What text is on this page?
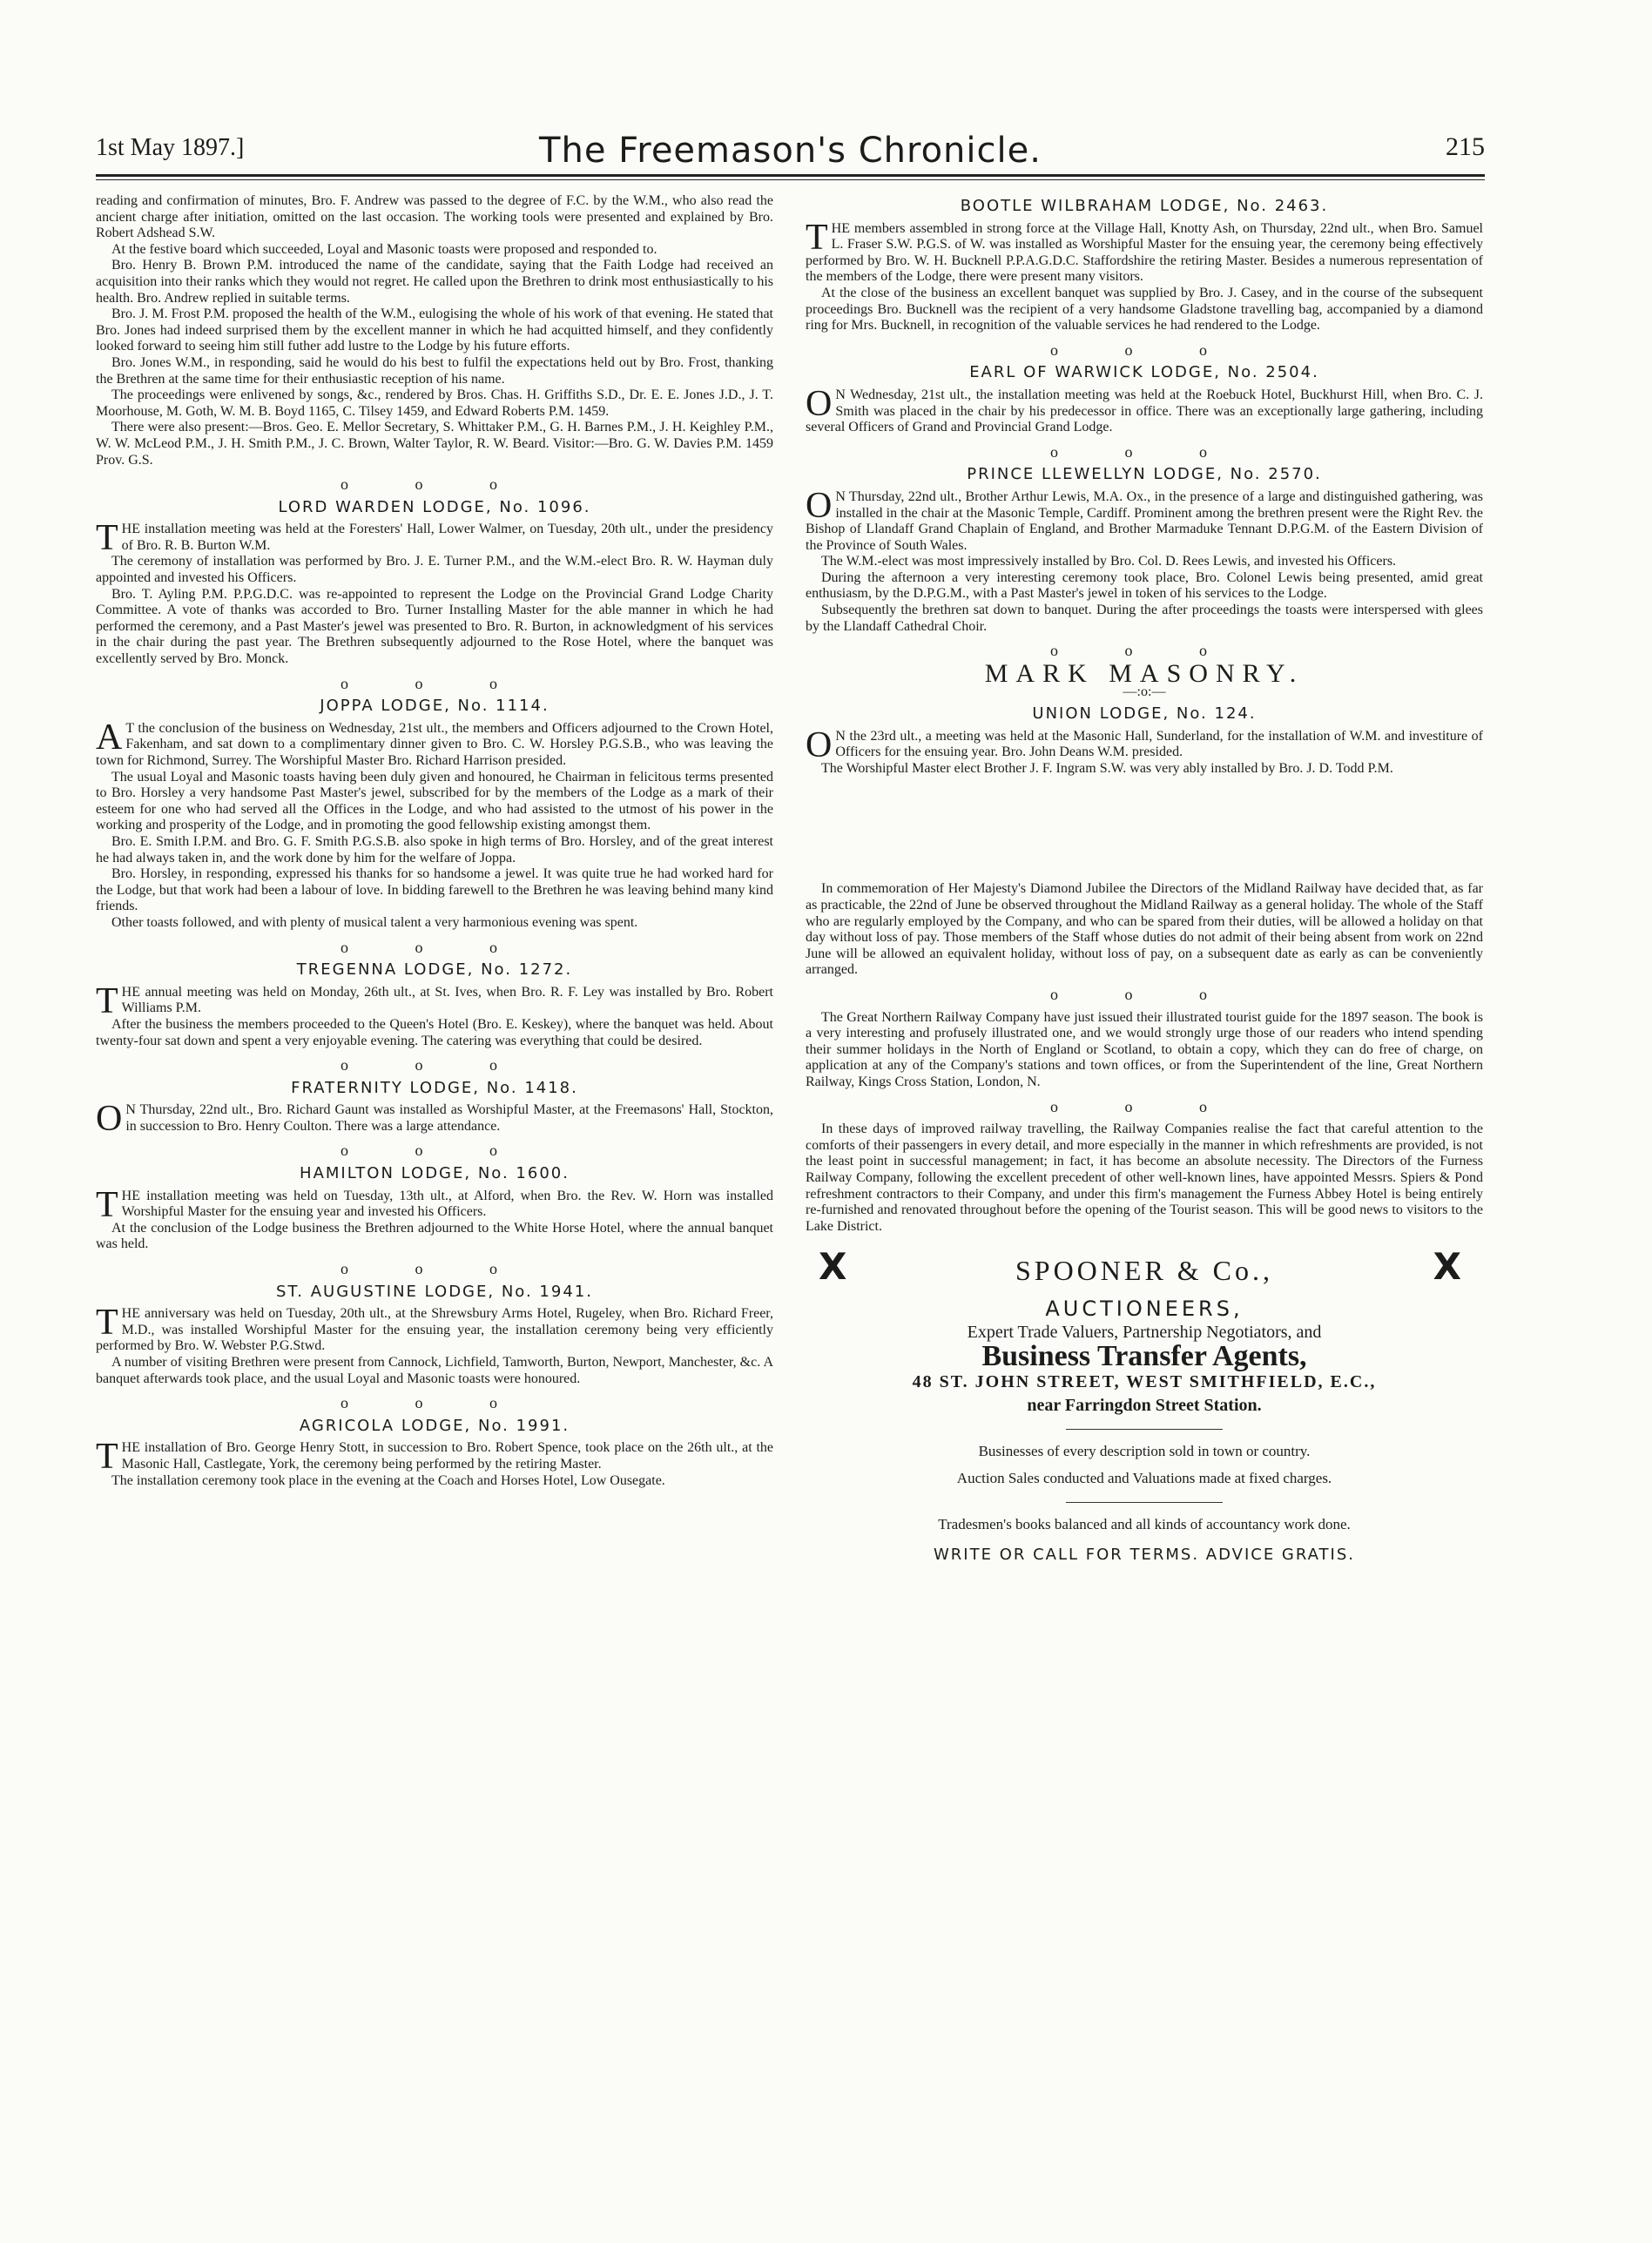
1st May 1897.]	The Freemason's Chronicle.	215

reading and confirmation of minutes, Bro. F. Andrew was passed to the degree of F.C. by the W.M., who also read the ancient charge after initiation, omitted on the last occasion. The working tools were presented and explained by Bro. Robert Adshead S.W.

At the festive board which succeeded, Loyal and Masonic toasts were proposed and responded to.

Bro. Henry B. Brown P.M. introduced the name of the candidate, saying that the Faith Lodge had received an acquisition into their ranks which they would not regret. He called upon the Brethren to drink most enthusiastically to his health. Bro. Andrew replied in suitable terms.

Bro. J. M. Frost P.M. proposed the health of the W.M., eulogising the whole of his work of that evening. He stated that Bro. Jones had indeed surprised them by the excellent manner in which he had acquitted himself, and they confidently looked forward to seeing him still futher add lustre to the Lodge by his future efforts.

Bro. Jones W.M., in responding, said he would do his best to fulfil the expectations held out by Bro. Frost, thanking the Brethren at the same time for their enthusiastic reception of his name.

The proceedings were enlivened by songs, &c., rendered by Bros. Chas. H. Griffiths S.D., Dr. E. E. Jones J.D., J. T. Moorhouse, M. Goth, W. M. B. Boyd 1165, C. Tilsey 1459, and Edward Roberts P.M. 1459.

There were also present:—Bros. Geo. E. Mellor Secretary, S. Whittaker P.M., G. H. Barnes P.M., J. H. Keighley P.M., W. W. McLeod P.M., J. H. Smith P.M., J. C. Brown, Walter Taylor, R. W. Beard. Visitor:—Bro. G. W. Davies P.M. 1459 Prov. G.S.

o o o
LORD WARDEN LODGE, No. 1096.

THE installation meeting was held at the Foresters' Hall, Lower Walmer, on Tuesday, 20th ult., under the presidency of Bro. R. B. Burton W.M.

The ceremony of installation was performed by Bro. J. E. Turner P.M., and the W.M.-elect Bro. R. W. Hayman duly appointed and invested his Officers.

Bro. T. Ayling P.M. P.P.G.D.C. was re-appointed to represent the Lodge on the Provincial Grand Lodge Charity Committee. A vote of thanks was accorded to Bro. Turner Installing Master for the able manner in which he had performed the ceremony, and a Past Master's jewel was presented to Bro. R. Burton, in acknowledgment of his services in the chair during the past year. The Brethren subsequently adjourned to the Rose Hotel, where the banquet was excellently served by Bro. Monck.

o o o
JOPPA LODGE, No. 1114.

A T the conclusion of the business on Wednesday, 21st ult., the members and Officers adjourned to the Crown Hotel, Fakenham, and sat down to a complimentary dinner given to Bro. C. W. Horsley P.G.S.B., who was leaving the town for Richmond, Surrey. The Worshipful Master Bro. Richard Harrison presided.

The usual Loyal and Masonic toasts having been duly given and honoured, he Chairman in felicitous terms presented to Bro. Horsley a very handsome Past Master's jewel, subscribed for by the members of the Lodge as a mark of their esteem for one who had served all the Offices in the Lodge, and who had assisted to the utmost of his power in the working and prosperity of the Lodge, and in promoting the good fellowship existing amongst them.

Bro. E. Smith I.P.M. and Bro. G. F. Smith P.G.S.B. also spoke in high terms of Bro. Horsley, and of the great interest he had always taken in, and the work done by him for the welfare of Joppa.

Bro. Horsley, in responding, expressed his thanks for so handsome a jewel. It was quite true he had worked hard for the Lodge, but that work had been a labour of love. In bidding farewell to the Brethren he was leaving behind many kind friends.

Other toasts followed, and with plenty of musical talent a very harmonious evening was spent.

o o o
TREGENNA LODGE, No. 1272.

THE annual meeting was held on Monday, 26th ult., at St. Ives, when Bro. R. F. Ley was installed by Bro. Robert Williams P.M.

After the business the members proceeded to the Queen's Hotel (Bro. E. Keskey), where the banquet was held. About twenty-four sat down and spent a very enjoyable evening. The catering was everything that could be desired.

o o o
FRATERNITY LODGE, No. 1418.

O N Thursday, 22nd ult., Bro. Richard Gaunt was installed as Worshipful Master, at the Freemasons' Hall, Stockton, in succession to Bro. Henry Coulton. There was a large attendance.

o o o
HAMILTON LODGE, No. 1600.

THE installation meeting was held on Tuesday, 13th ult., at Alford, when Bro. the Rev. W. Horn was installed Worshipful Master for the ensuing year and invested his Officers.

At the conclusion of the Lodge business the Brethren adjourned to the White Horse Hotel, where the annual banquet was held.

o o o
ST. AUGUSTINE LODGE, No. 1941.

THE anniversary was held on Tuesday, 20th ult., at the Shrewsbury Arms Hotel, Rugeley, when Bro. Richard Freer, M.D., was installed Worshipful Master for the ensuing year, the installation ceremony being very efficiently performed by Bro. W. Webster P.G.Stwd.

A number of visiting Brethren were present from Cannock, Lichfield, Tamworth, Burton, Newport, Manchester, &c. A banquet afterwards took place, and the usual Loyal and Masonic toasts were honoured.

o o o
AGRICOLA LODGE, No. 1991.

THE installation of Bro. George Henry Stott, in succession to Bro. Robert Spence, took place on the 26th ult., at the Masonic Hall, Castlegate, York, the ceremony being performed by the retiring Master.

The installation ceremony took place in the evening at the Coach and Horses Hotel, Low Ousegate.

BOOTLE WILBRAHAM LODGE, No. 2463.

THE members assembled in strong force at the Village Hall, Knotty Ash, on Thursday, 22nd ult., when Bro. Samuel L. Fraser S.W. P.G.S. of W. was installed as Worshipful Master for the ensuing year, the ceremony being effectively performed by Bro. W. H. Bucknell P.P.A.G.D.C. Staffordshire the retiring Master. Besides a numerous representation of the members of the Lodge, there were present many visitors.

At the close of the business an excellent banquet was supplied by Bro. J. Casey, and in the course of the subsequent proceedings Bro. Bucknell was the recipient of a very handsome Gladstone travelling bag, accompanied by a diamond ring for Mrs. Bucknell, in recognition of the valuable services he had rendered to the Lodge.

o o o
EARL OF WARWICK LODGE, No. 2504.

O N Wednesday, 21st ult., the installation meeting was held at the Roebuck Hotel, Buckhurst Hill, when Bro. C. J. Smith was placed in the chair by his predecessor in office. There was an exceptionally large gathering, including several Officers of Grand and Provincial Grand Lodge.

o o o
PRINCE LLEWELLYN LODGE, No. 2570.

O N Thursday, 22nd ult., Brother Arthur Lewis, M.A. Ox., in the presence of a large and distinguished gathering, was installed in the chair at the Masonic Temple, Cardiff. Prominent among the brethren present were the Right Rev. the Bishop of Llandaff Grand Chaplain of England, and Brother Marmaduke Tennant D.P.G.M. of the Eastern Division of the Province of South Wales.

The W.M.-elect was most impressively installed by Bro. Col. D. Rees Lewis, and invested his Officers.

During the afternoon a very interesting ceremony took place, Bro. Colonel Lewis being presented, amid great enthusiasm, by the D.P.G.M., with a Past Master's jewel in token of his services to the Lodge.

Subsequently the brethren sat down to banquet. During the after proceedings the toasts were interspersed with glees by the Llandaff Cathedral Choir.

o o o
MARK MASONRY.
—:o:—
UNION LODGE, No. 124.

O N the 23rd ult., a meeting was held at the Masonic Hall, Sunderland, for the installation of W.M. and investiture of Officers for the ensuing year. Bro. John Deans W.M. presided.

The Worshipful Master elect Brother J. F. Ingram S.W. was very ably installed by Bro. J. D. Todd P.M.

In commemoration of Her Majesty's Diamond Jubilee the Directors of the Midland Railway have decided that, as far as practicable, the 22nd of June be observed throughout the Midland Railway as a general holiday. The whole of the Staff who are regularly employed by the Company, and who can be spared from their duties, will be allowed a holiday on that day without loss of pay. Those members of the Staff whose duties do not admit of their being absent from work on 22nd June will be allowed an equivalent holiday, without loss of pay, on a subsequent date as early as can be conveniently arranged.

o o o

The Great Northern Railway Company have just issued their illustrated tourist guide for the 1897 season. The book is a very interesting and profusely illustrated one, and we would strongly urge those of our readers who intend spending their summer holidays in the North of England or Scotland, to obtain a copy, which they can do free of charge, on application at any of the Company's stations and town offices, or from the Superintendent of the line, Great Northern Railway, Kings Cross Station, London, N.

o o o

In these days of improved railway travelling, the Railway Companies realise the fact that careful attention to the comforts of their passengers in every detail, and more especially in the manner in which refreshments are provided, is not the least point in successful management; in fact, it has become an absolute necessity. The Directors of the Furness Railway Company, following the excellent precedent of other well-known lines, have appointed Messrs. Spiers & Pond refreshment contractors to their Company, and under this firm's management the Furness Abbey Hotel is being entirely re-furnished and renovated throughout before the opening of the Tourist season. This will be good news to visitors to the Lake District.

X	SPOONER & Co.,	X

AUCTIONEERS,

Expert Trade Valuers, Partnership Negotiators, and

Business Transfer Agents,

48 ST. JOHN STREET, WEST SMITHFIELD, E.C.,

near Farringdon Street Station.

Businesses of every description sold in town or country.

Auction Sales conducted and Valuations made at fixed charges.

Tradesmen's books balanced and all kinds of accountancy work done.

WRITE OR CALL FOR TERMS. ADVICE GRATIS.
